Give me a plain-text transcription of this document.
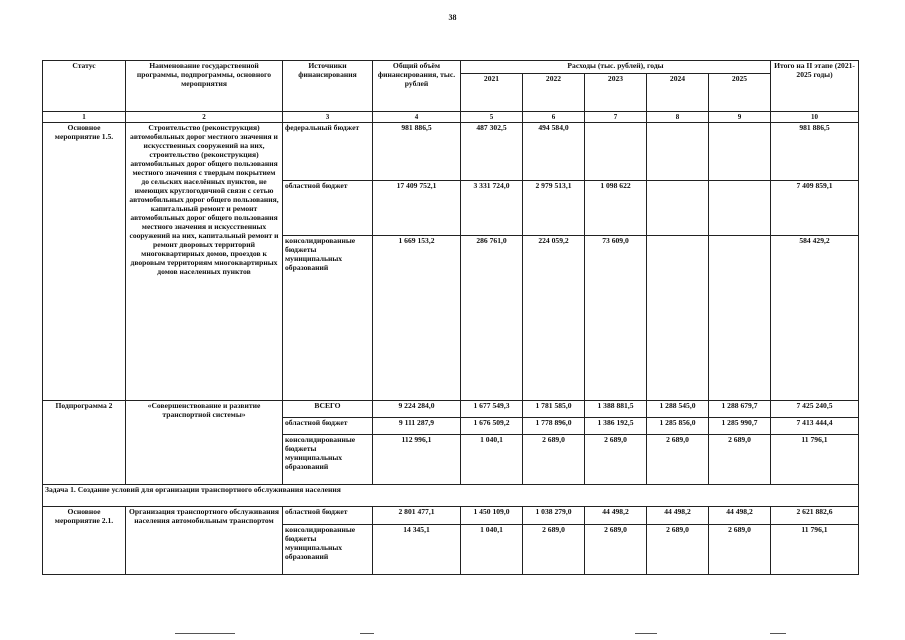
38
Статус	Наименование государственной программы, подпрограммы, основного мероприятия	Источники финансирования	Общий объём финансирования, тыс. рублей	Расходы (тыс. рублей), годы					Итого на II этапе (2021-2025 годы)
				2021	2022	2023	2024	2025	
1	2	3	4	5	6	7	8	9	10
Основное мероприятие 1.5.	Строительство (реконструкция) автомобильных дорог местного значения и искусственных сооружений на них, строительство (реконструкция) автомобильных дорог общего пользования местного значения с твердым покрытием до сельских населённых пунктов, не имеющих круглогодичной связи с сетью автомобильных дорог общего пользования, капитальный ремонт и ремонт автомобильных дорог общего пользования местного значения и искусственных сооружений на них, капитальный ремонт и ремонт дворовых территорий многоквартирных домов, проездов к дворовым территориям многоквартирных домов населенных пунктов	федеральный бюджет	981 886,5	487 302,5	494 584,0				981 886,5
		областной бюджет	17 409 752,1	3 331 724,0	2 979 513,1	1 098 622			7 409 859,1
		консолидированные бюджеты муниципальных образований	1 669 153,2	286 761,0	224 059,2	73 609,0			584 429,2
Подпрограмма 2	«Совершенствование и развитие транспортной системы»	ВСЕГО	9 224 284,0	1 677 549,3	1 781 585,0	1 388 881,5	1 288 545,0	1 288 679,7	7 425 240,5
		областной бюджет	9 111 287,9	1 676 509,2	1 778 896,0	1 386 192,5	1 285 856,0	1 285 990,7	7 413 444,4
		консолидированные бюджеты муниципальных образований	112 996,1	1 040,1	2 689,0	2 689,0	2 689,0	2 689,0	11 796,1
Задача 1. Создание условий для организации транспортного обслуживания населения									
Основное мероприятие 2.1.	Организация транспортного обслуживания населения автомобильным транспортом	областной бюджет	2 801 477,1	1 450 109,0	1 038 279,0	44 498,2	44 498,2	44 498,2	2 621 882,6
		консолидированные бюджеты муниципальных образований	14 345,1	1 040,1	2 689,0	2 689,0	2 689,0	2 689,0	11 796,1
